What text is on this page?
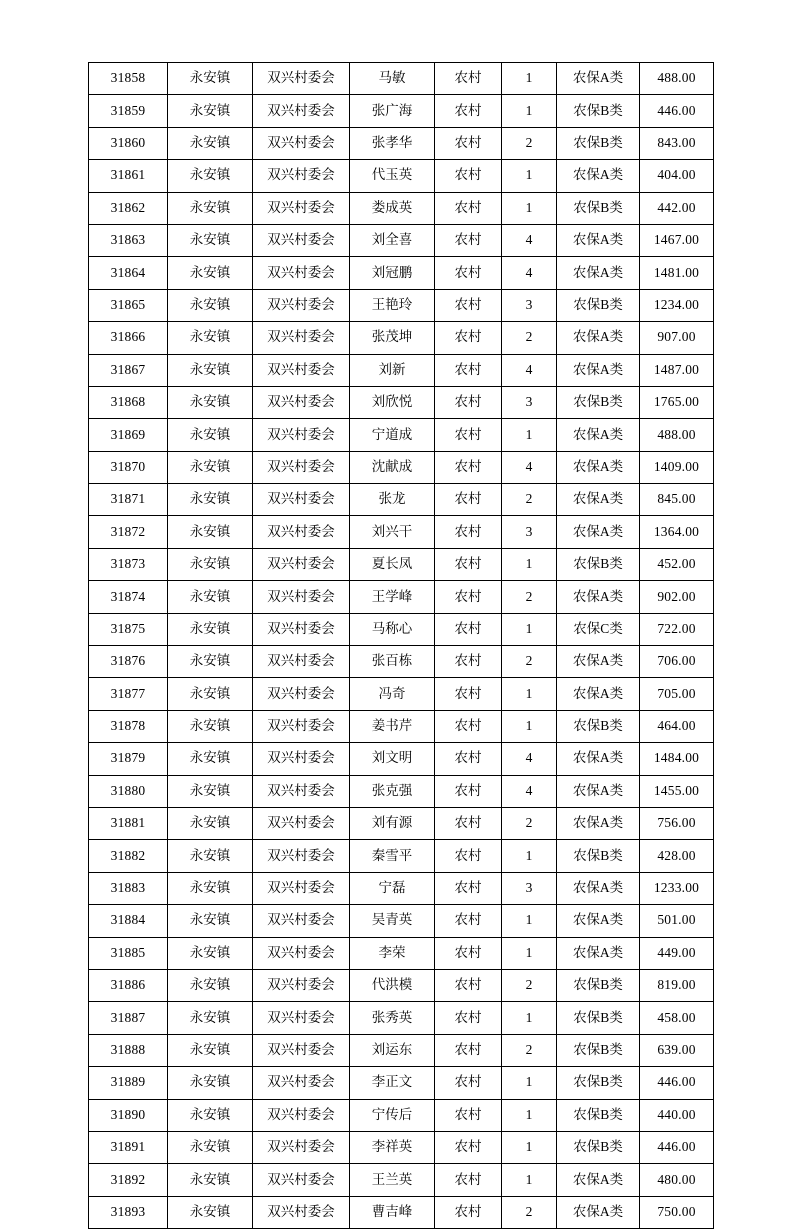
31858	永安镇	双兴村委会	马敏	农村	1	农保A类	488.00
31859	永安镇	双兴村委会	张广海	农村	1	农保B类	446.00
31860	永安镇	双兴村委会	张孝华	农村	2	农保B类	843.00
31861	永安镇	双兴村委会	代玉英	农村	1	农保A类	404.00
31862	永安镇	双兴村委会	娄成英	农村	1	农保B类	442.00
31863	永安镇	双兴村委会	刘全喜	农村	4	农保A类	1467.00
31864	永安镇	双兴村委会	刘冠鹏	农村	4	农保A类	1481.00
31865	永安镇	双兴村委会	王艳玲	农村	3	农保B类	1234.00
31866	永安镇	双兴村委会	张茂坤	农村	2	农保A类	907.00
31867	永安镇	双兴村委会	刘新	农村	4	农保A类	1487.00
31868	永安镇	双兴村委会	刘欣悦	农村	3	农保B类	1765.00
31869	永安镇	双兴村委会	宁道成	农村	1	农保A类	488.00
31870	永安镇	双兴村委会	沈献成	农村	4	农保A类	1409.00
31871	永安镇	双兴村委会	张龙	农村	2	农保A类	845.00
31872	永安镇	双兴村委会	刘兴干	农村	3	农保A类	1364.00
31873	永安镇	双兴村委会	夏长凤	农村	1	农保B类	452.00
31874	永安镇	双兴村委会	王学峰	农村	2	农保A类	902.00
31875	永安镇	双兴村委会	马称心	农村	1	农保C类	722.00
31876	永安镇	双兴村委会	张百栋	农村	2	农保A类	706.00
31877	永安镇	双兴村委会	冯奇	农村	1	农保A类	705.00
31878	永安镇	双兴村委会	姜书芹	农村	1	农保B类	464.00
31879	永安镇	双兴村委会	刘文明	农村	4	农保A类	1484.00
31880	永安镇	双兴村委会	张克强	农村	4	农保A类	1455.00
31881	永安镇	双兴村委会	刘有源	农村	2	农保A类	756.00
31882	永安镇	双兴村委会	秦雪平	农村	1	农保B类	428.00
31883	永安镇	双兴村委会	宁磊	农村	3	农保A类	1233.00
31884	永安镇	双兴村委会	吴青英	农村	1	农保A类	501.00
31885	永安镇	双兴村委会	李荣	农村	1	农保A类	449.00
31886	永安镇	双兴村委会	代洪模	农村	2	农保B类	819.00
31887	永安镇	双兴村委会	张秀英	农村	1	农保B类	458.00
31888	永安镇	双兴村委会	刘运东	农村	2	农保B类	639.00
31889	永安镇	双兴村委会	李正文	农村	1	农保B类	446.00
31890	永安镇	双兴村委会	宁传后	农村	1	农保B类	440.00
31891	永安镇	双兴村委会	李祥英	农村	1	农保B类	446.00
31892	永安镇	双兴村委会	王兰英	农村	1	农保A类	480.00
31893	永安镇	双兴村委会	曹吉峰	农村	2	农保A类	750.00
